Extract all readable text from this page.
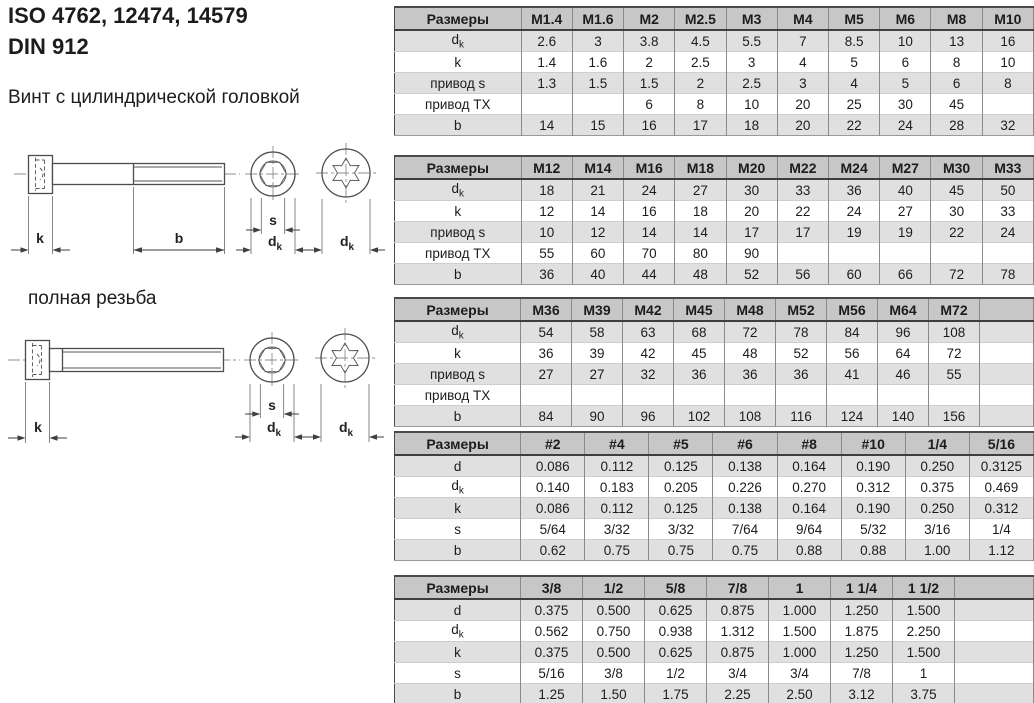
ISO 4762, 12474, 14579
DIN 912
Винт с цилиндрической головкой
полная резьба
k	b
s
$d_k$	$d_k$
k
s
$d_k$	$d_k$
Размеры	M1.4	M1.6	M2	M2.5	M3	M4	M5	M6	M8	M10
$d_k$	2.6	3	3.8	4.5	5.5	7	8.5	10	13	16
k	1.4	1.6	2	2.5	3	4	5	6	8	10
привод s	1.3	1.5	1.5	2	2.5	3	4	5	6	8
привод TX			6	8	10	20	25	30	45	
b	14	15	16	17	18	20	22	24	28	32
Размеры	M12	M14	M16	M18	M20	M22	M24	M27	M30	M33
$d_k$	18	21	24	27	30	33	36	40	45	50
k	12	14	16	18	20	22	24	27	30	33
привод s	10	12	14	14	17	17	19	19	22	24
привод TX	55	60	70	80	90					
b	36	40	44	48	52	56	60	66	72	78
Размеры	M36	M39	M42	M45	M48	M52	M56	M64	M72	
$d_k$	54	58	63	68	72	78	84	96	108	
k	36	39	42	45	48	52	56	64	72	
привод s	27	27	32	36	36	36	41	46	55	
привод TX										
b	84	90	96	102	108	116	124	140	156	
Размеры	#2	#4	#5	#6	#8	#10	1/4	5/16
d	0.086	0.112	0.125	0.138	0.164	0.190	0.250	0.3125
$d_k$	0.140	0.183	0.205	0.226	0.270	0.312	0.375	0.469
k	0.086	0.112	0.125	0.138	0.164	0.190	0.250	0.312
s	5/64	3/32	3/32	7/64	9/64	5/32	3/16	1/4
b	0.62	0.75	0.75	0.75	0.88	0.88	1.00	1.12
Размеры	3/8	1/2	5/8	7/8	1	1 1/4	1 1/2	
d	0.375	0.500	0.625	0.875	1.000	1.250	1.500	
$d_k$	0.562	0.750	0.938	1.312	1.500	1.875	2.250	
k	0.375	0.500	0.625	0.875	1.000	1.250	1.500	
s	5/16	3/8	1/2	3/4	3/4	7/8	1	
b	1.25	1.50	1.75	2.25	2.50	3.12	3.75	
